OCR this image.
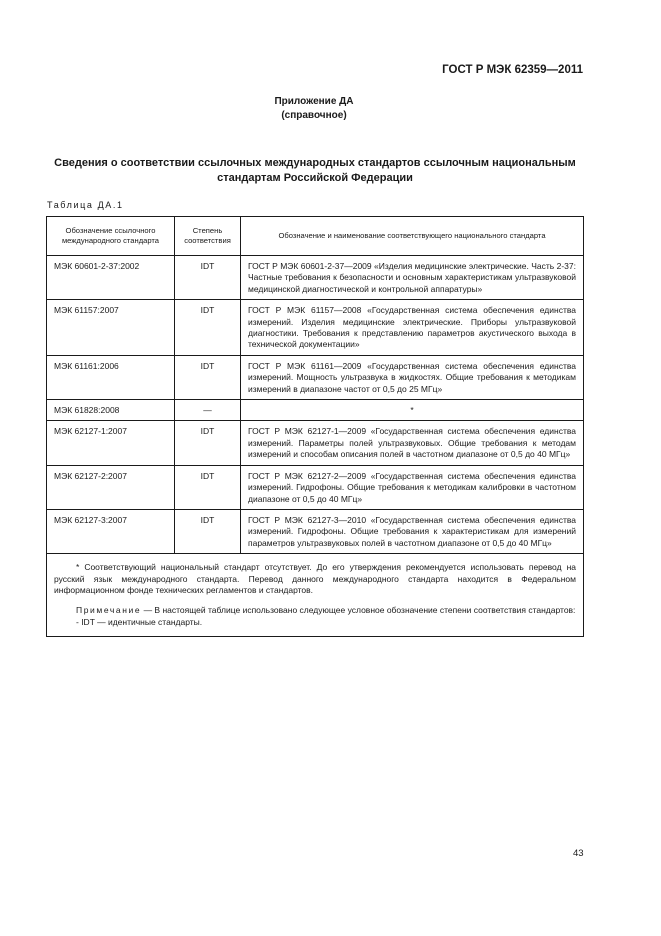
ГОСТ Р МЭК 62359—2011
Приложение ДА
(справочное)
Сведения о соответствии ссылочных международных стандартов ссылочным национальным стандартам Российской Федерации
Таблица ДА.1
Обозначение ссылочного международного стандарта	Степень соответствия	Обозначение и наименование соответствующего национального стандарта
МЭК 60601-2-37:2002	IDT	ГОСТ Р МЭК 60601-2-37—2009 «Изделия медицинские электрические. Часть 2-37: Частные требования к безопасности и основным характеристикам ультразвуковой медицинской диагностической и контрольной аппаратуры»
МЭК 61157:2007	IDT	ГОСТ Р МЭК 61157—2008 «Государственная система обеспечения единства измерений. Изделия медицинские электрические. Приборы ультразвуковой диагностики. Требования к представлению параметров акустического выхода в технической документации»
МЭК 61161:2006	IDT	ГОСТ Р МЭК 61161—2009 «Государственная система обеспечения единства измерений. Мощность ультразвука в жидкостях. Общие требования к методикам измерений в диапазоне частот от 0,5 до 25 МГц»
МЭК 61828:2008	—	*
МЭК 62127-1:2007	IDT	ГОСТ Р МЭК 62127-1—2009 «Государственная система обеспечения единства измерений. Параметры полей ультразвуковых. Общие требования к методам измерений и способам описания полей в частотном диапазоне от 0,5 до 40 МГц»
МЭК 62127-2:2007	IDT	ГОСТ Р МЭК 62127-2—2009 «Государственная система обеспечения единства измерений. Гидрофоны. Общие требования к методикам калибровки в частотном диапазоне от 0,5 до 40 МГц»
МЭК 62127-3:2007	IDT	ГОСТ Р МЭК 62127-3—2010 «Государственная система обеспечения единства измерений. Гидрофоны. Общие требования к характеристикам для измерений параметров ультразвуковых полей в частотном диапазоне от 0,5 до 40 МГц»

* Соответствующий национальный стандарт отсутствует. До его утверждения рекомендуется использовать перевод на русский язык международного стандарта. Перевод данного международного стандарта находится в Федеральном информационном фонде технических регламентов и стандартов.

Примечание — В настоящей таблице использовано следующее условное обозначение степени соответствия стандартов:

- IDT — идентичные стандарты.		

43
